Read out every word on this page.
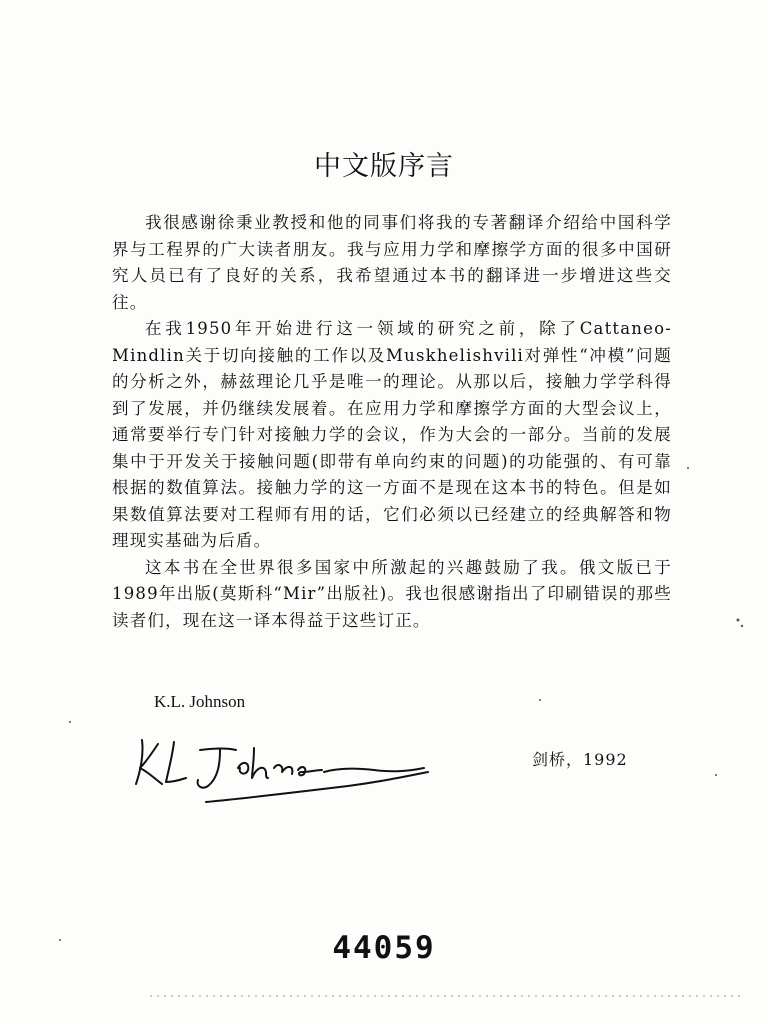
中文版序言

我很感谢徐秉业教授和他的同事们将我的专著翻译介绍给中国科学界与工程界的广大读者朋友。我与应用力学和摩擦学方面的很多中国研究人员已有了良好的关系，我希望通过本书的翻译进一步增进这些交往。

在我1950年开始进行这一领域的研究之前，除了Cattaneo-Mindlin关于切向接触的工作以及Muskhelishvili对弹性“冲模”问题的分析之外，赫兹理论几乎是唯一的理论。从那以后，接触力学学科得到了发展，并仍继续发展着。在应用力学和摩擦学方面的大型会议上，通常要举行专门针对接触力学的会议，作为大会的一部分。当前的发展集中于开发关于接触问题(即带有单向约束的问题)的功能强的、有可靠根据的数值算法。接触力学的这一方面不是现在这本书的特色。但是如果数值算法要对工程师有用的话，它们必须以已经建立的经典解答和物理现实基础为后盾。

这本书在全世界很多国家中所激起的兴趣鼓励了我。俄文版已于1989年出版(莫斯科“Mir”出版社)。我也很感谢指出了印刷错误的那些读者们，现在这一译本得益于这些订正。

K.L. Johnson
剑桥，1992
44059
